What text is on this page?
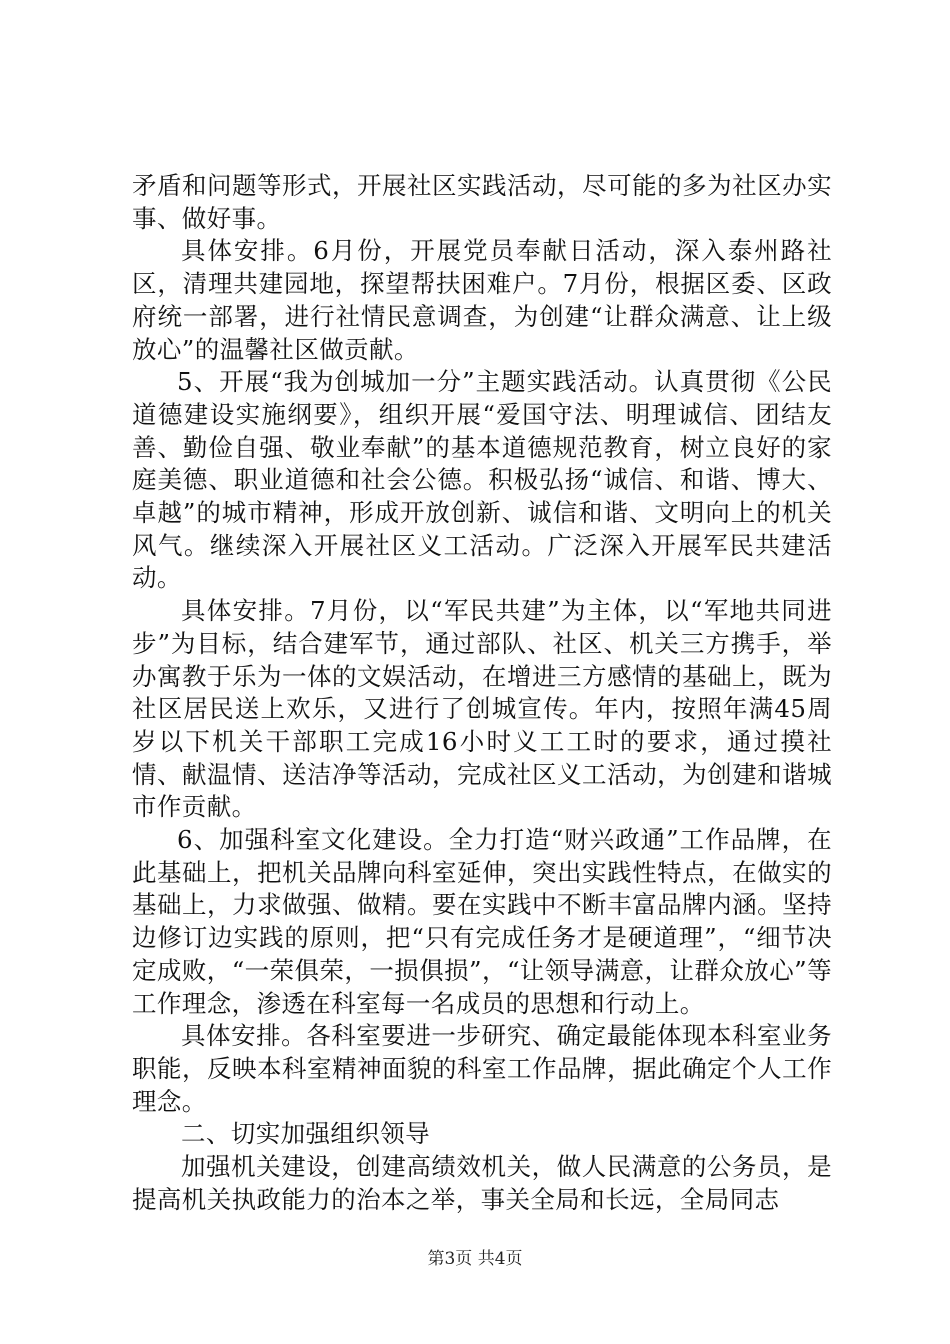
矛盾和问题等形式，开展社区实践活动，尽可能的多为社区办实事、做好事。

具体安排。6月份，开展党员奉献日活动，深入泰州路社区，清理共建园地，探望帮扶困难户。7月份，根据区委、区政府统一部署，进行社情民意调查，为创建“让群众满意、让上级放心”的温馨社区做贡献。

5、开展“我为创城加一分”主题实践活动。认真贯彻《公民道德建设实施纲要》，组织开展“爱国守法、明理诚信、团结友善、勤俭自强、敬业奉献”的基本道德规范教育，树立良好的家庭美德、职业道德和社会公德。积极弘扬“诚信、和谐、博大、卓越”的城市精神，形成开放创新、诚信和谐、文明向上的机关风气。继续深入开展社区义工活动。广泛深入开展军民共建活动。

具体安排。7月份，以“军民共建”为主体，以“军地共同进步”为目标，结合建军节，通过部队、社区、机关三方携手，举办寓教于乐为一体的文娱活动，在增进三方感情的基础上，既为社区居民送上欢乐，又进行了创城宣传。年内，按照年满45周岁以下机关干部职工完成16小时义工工时的要求，通过摸社情、献温情、送洁净等活动，完成社区义工活动，为创建和谐城市作贡献。

6、加强科室文化建设。全力打造“财兴政通”工作品牌，在此基础上，把机关品牌向科室延伸，突出实践性特点，在做实的基础上，力求做强、做精。要在实践中不断丰富品牌内涵。坚持边修订边实践的原则，把“只有完成任务才是硬道理”，“细节决定成败，“一荣俱荣，一损俱损”，“让领导满意，让群众放心”等工作理念，渗透在科室每一名成员的思想和行动上。

具体安排。各科室要进一步研究、确定最能体现本科室业务职能，反映本科室精神面貌的科室工作品牌，据此确定个人工作理念。

二、切实加强组织领导

加强机关建设，创建高绩效机关，做人民满意的公务员，是提高机关执政能力的治本之举，事关全局和长远，全局同志

第3页 共4页
